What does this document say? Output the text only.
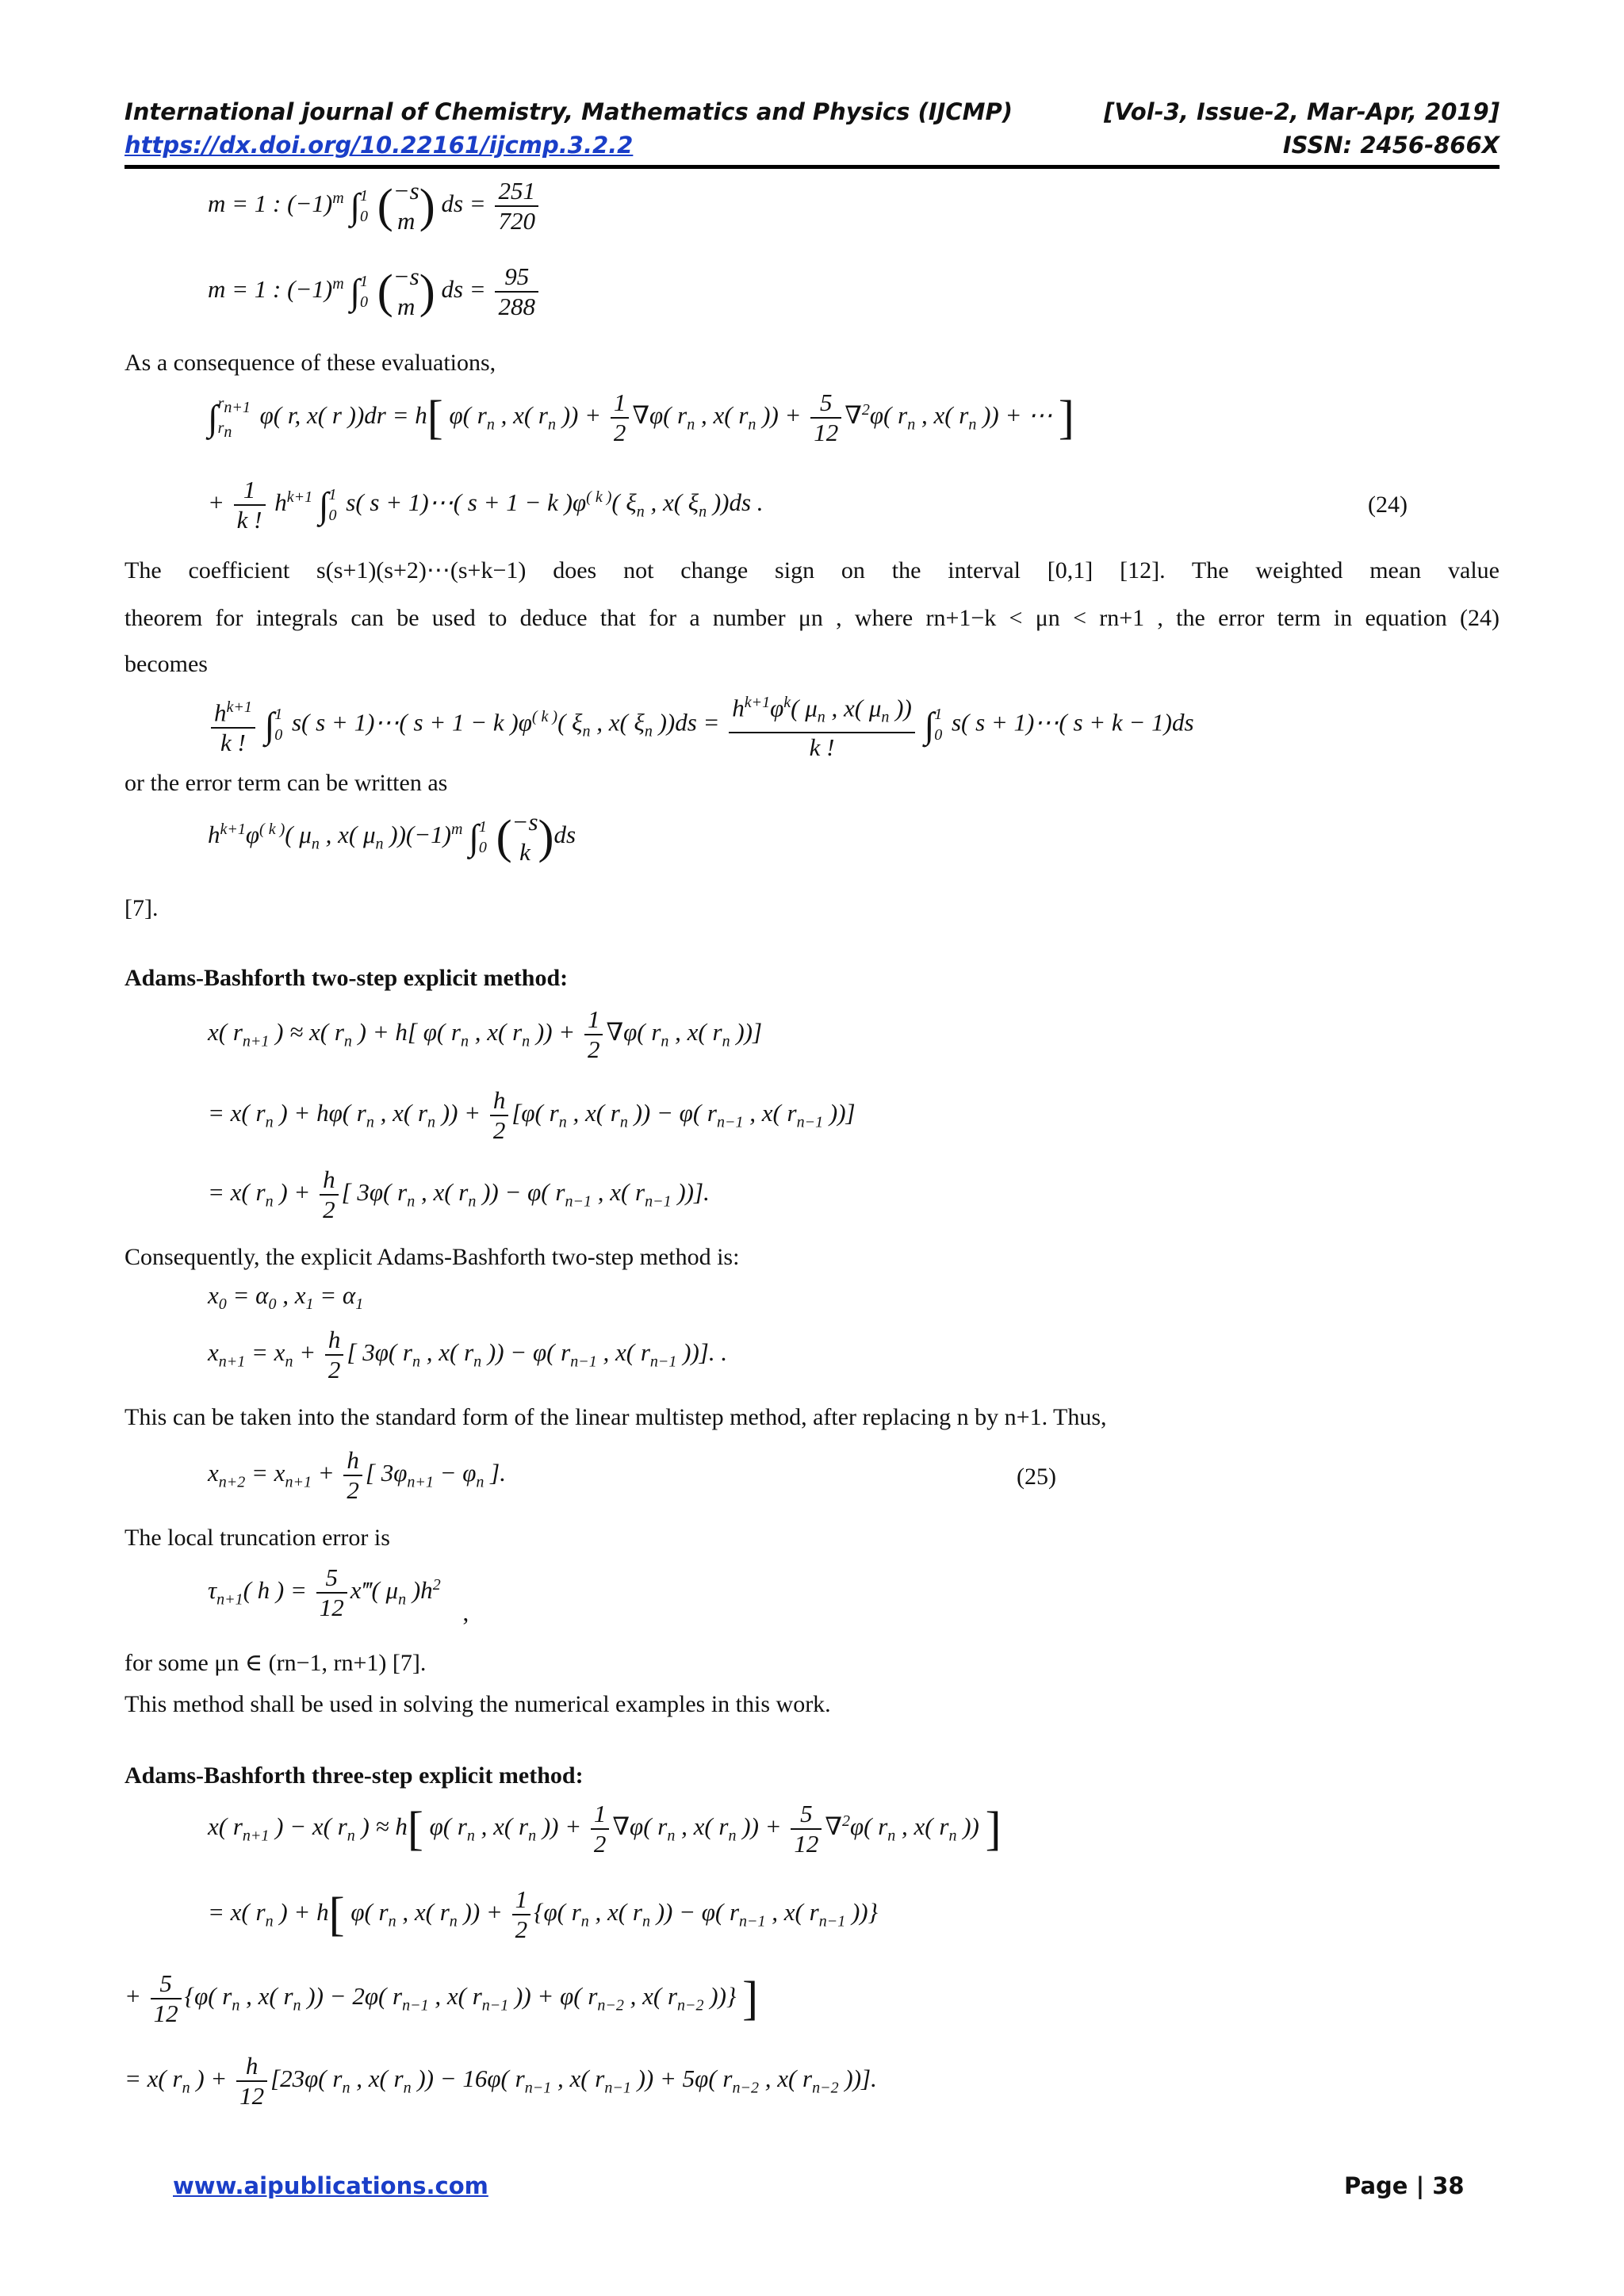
International journal of Chemistry, Mathematics and Physics (IJCMP)	[Vol-3, Issue-2, Mar-Apr, 2019]
https://dx.doi.org/10.22161/ijcmp.3.2.2	ISSN: 2456-866X
m = 1 : $(-1)^m$ ∫ 1
0 ( −s
m ) ds = $\frac{251}{720}$
m = 1 : $(-1)^m$ ∫ 1
0 ( −s
m ) ds = $\frac{95}{288}$
As a consequence of these evaluations,
∫ $r_{n+1}$
$r_n$
φ( r, x( r ))dr = h[ φ( $r_n$ , x( $r_n$ )) + $\frac{1}{2} \nabla\varphi$( $r_n$ , x( $r_n$ )) + $\frac{5}{12} \nabla^2\varphi$( $r_n$ , x( $r_n$ )) + ⋯ ]
+ $\frac{1}{k !} h^{k+1}$ ∫ 1
0 s( s + 1)⋯( s + 1 − k )$\varphi^{( k )}$( $\xi_n$ , x( $\xi_n$ ))ds .	(24)
The coefficient s(s+1)(s+2)⋯(s+k−1) does not change sign on the interval [0,1] [12]. The weighted mean value
theorem for integrals can be used to deduce that for a number μn , where rn+1−k < μn < rn+1 , the error term in equation (24)
becomes
$\frac{h^{k+1}}{k !}$ ∫ 1
0 s( s + 1)⋯( s + 1 − k )$\varphi^{( k )}$( $\xi_n$ , x( $\xi_n$ ))$ds = \frac{h^{k+1}\varphi^k( \mu_n , x( \mu_n ))}{k !}$ ∫ 1
0 s( s + 1)⋯( s + k − 1)ds
or the error term can be written as
$h^{k+1}\varphi^{( k )}$( $\mu_n$ , x( $\mu_n$ ))$(-1)^m$ ∫ 1
0 ( −s
k )ds
[7].
Adams-Bashforth two-step explicit method:
x( $r_{n+1}$ ) ≈ x( $r_n$ ) + h[ φ( $r_n$ , x( $r_n$ )) + $\frac{1}{2} \nabla\varphi$( $r_n$ , x( $r_n$ ))]
= x( $r_n$ ) + hφ( $r_n$ , x( $r_n$ )) + $\frac{h}{2} [\varphi$( $r_n$ , x( $r_n$ )) − φ( $r_{n-1}$ , x( $r_{n-1}$ ))]
= x( $r_n$ ) + $\frac{h}{2}$ [ 3φ( $r_n$ , x( $r_n$ )) − φ( $r_{n-1}$ , x( $r_{n-1}$ ))].
Consequently, the explicit Adams-Bashforth two-step method is:
$x_0 = \alpha_0$ , $x_1 = \alpha_1$
$x_{n+1} = x_n + \frac{h}{2}$ [ 3φ( $r_n$ , x( $r_n$ )) − φ( $r_{n-1}$ , x( $r_{n-1}$ ))]. .
This can be taken into the standard form of the linear multistep method, after replacing n by n+1. Thus,
$x_{n+2} = x_{n+1} + \frac{h}{2}$ [ $3\varphi_{n+1} - \varphi_n$ ].	(25)
The local truncation error is
$\tau_{n+1}$( h ) = $\frac{5}{12}$ x‴( $\mu_n$ )$h^2$ ,
for some μn ∈ (rn−1, rn+1) [7].
This method shall be used in solving the numerical examples in this work.
Adams-Bashforth three-step explicit method:
x( $r_{n+1}$ ) − x( $r_n$ ) ≈ h[ φ( $r_n$ , x( $r_n$ )) + $\frac{1}{2} \nabla\varphi$( $r_n$ , x( $r_n$ )) + $\frac{5}{12} \nabla^2\varphi$( $r_n$ , x( $r_n$ )) ]
= x( $r_n$ ) + h[ φ( $r_n$ , x( $r_n$ )) + $\frac{1}{2} \{\varphi$( $r_n$ , x( $r_n$ )) − φ( $r_{n-1}$ , x( $r_{n-1}$ ))}
+ $\frac{5}{12} \{\varphi$( $r_n$ , x( $r_n$ )) − 2φ( $r_{n-1}$ , x( $r_{n-1}$ )) + φ( $r_{n-2}$ , x( $r_{n-2}$ ))} ]
= x( $r_n$ ) + $\frac{h}{12} [23\varphi$( $r_n$ , x( $r_n$ )) − 16φ( $r_{n-1}$ , x( $r_{n-1}$ )) + 5φ( $r_{n-2}$ , x( $r_{n-2}$ ))].
www.aipublications.com	Page | 38
